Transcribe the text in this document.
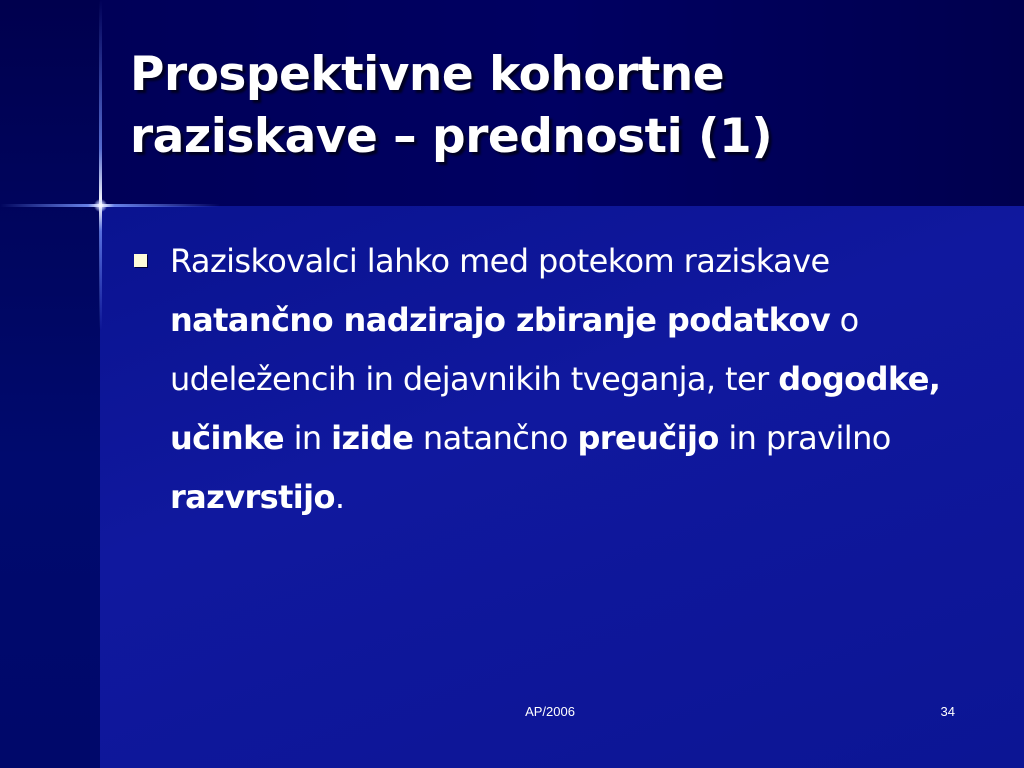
Prospektivne kohortne
raziskave – prednosti (1)
Raziskovalci lahko med potekom raziskave natančno nadzirajo zbiranje podatkov o udeležencih in dejavnikih tveganja, ter dogodke, učinke in izide natančno preučijo in pravilno razvrstijo.
AP/2006	34
